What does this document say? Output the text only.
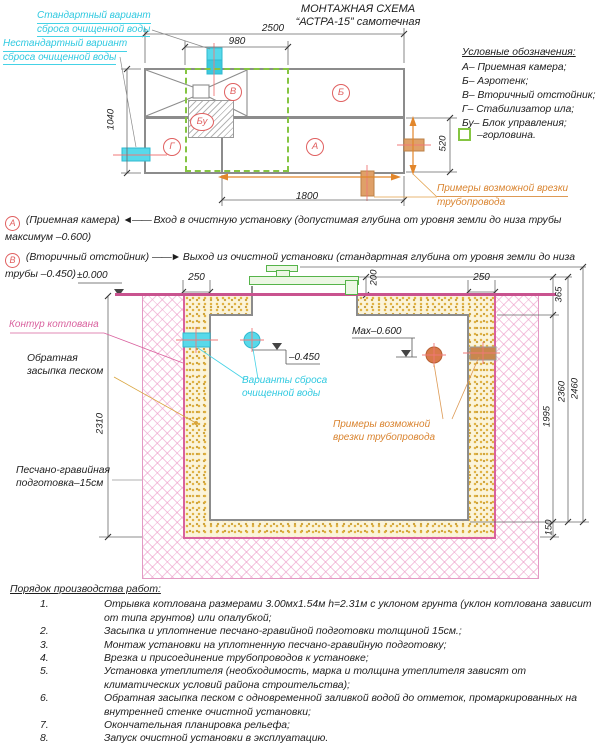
МОНТАЖНАЯ СХЕМА
“АСТРА-15” самотечная
Стандартный вариант
сброса очищенной воды
Нестандартный вариант
сброса очищенной воды
2500
980
1040
520
1800
В	Б
Г	А
Бу
Примеры возможной врезки
трубопровода
Условные обозначения:
А– Приемная камера;
Б– Аэротенк;
В– Вторичный отстойник;
Г– Стабилизатор ила;
Бу– Блок управления;
–горловина.
А (Приемная камера) ◄—— Вход в очистную установку (допустимая глубина от уровня земли до низа трубы максимум –0.600)
В (Вторичный отстойник) ——► Выход из очистной установки (стандартная глубина от уровня земли до низа трубы –0.450) ±0.000	250	200	250
Max–0.600
–0.450
2310
365
1995
150
2360 2460
Контур котлована
Обратная
засыпка песком
Варианты сброса
очищенной воды
Примеры возможной
врезки трубопровода
Песчано-гравийная
подготовка–15см
Порядок производства работ:
1.	Отрывка котлована размерами 3.00мх1.54м h=2.31м с уклоном грунта (уклон котлована зависит от типа грунтов) или опалубкой;
2.	Засыпка и уплотнение песчано-гравийной подготовки толщиной 15см.;
3.	Монтаж установки на уплотненную песчано-гравийную подготовку;
4.	Врезка и присоединение трубопроводов к установке;
5.	Установка утеплителя (необходимость, марка и толщина утеплителя зависят от климатических условий района строительства);
6.	Обратная засыпка песком с одновременной заливкой водой до отметок, промаркированных на внутренней стенке очистной установки;
7.	Окончательная планировка рельефа;
8.	Запуск очистной установки в эксплуатацию.
